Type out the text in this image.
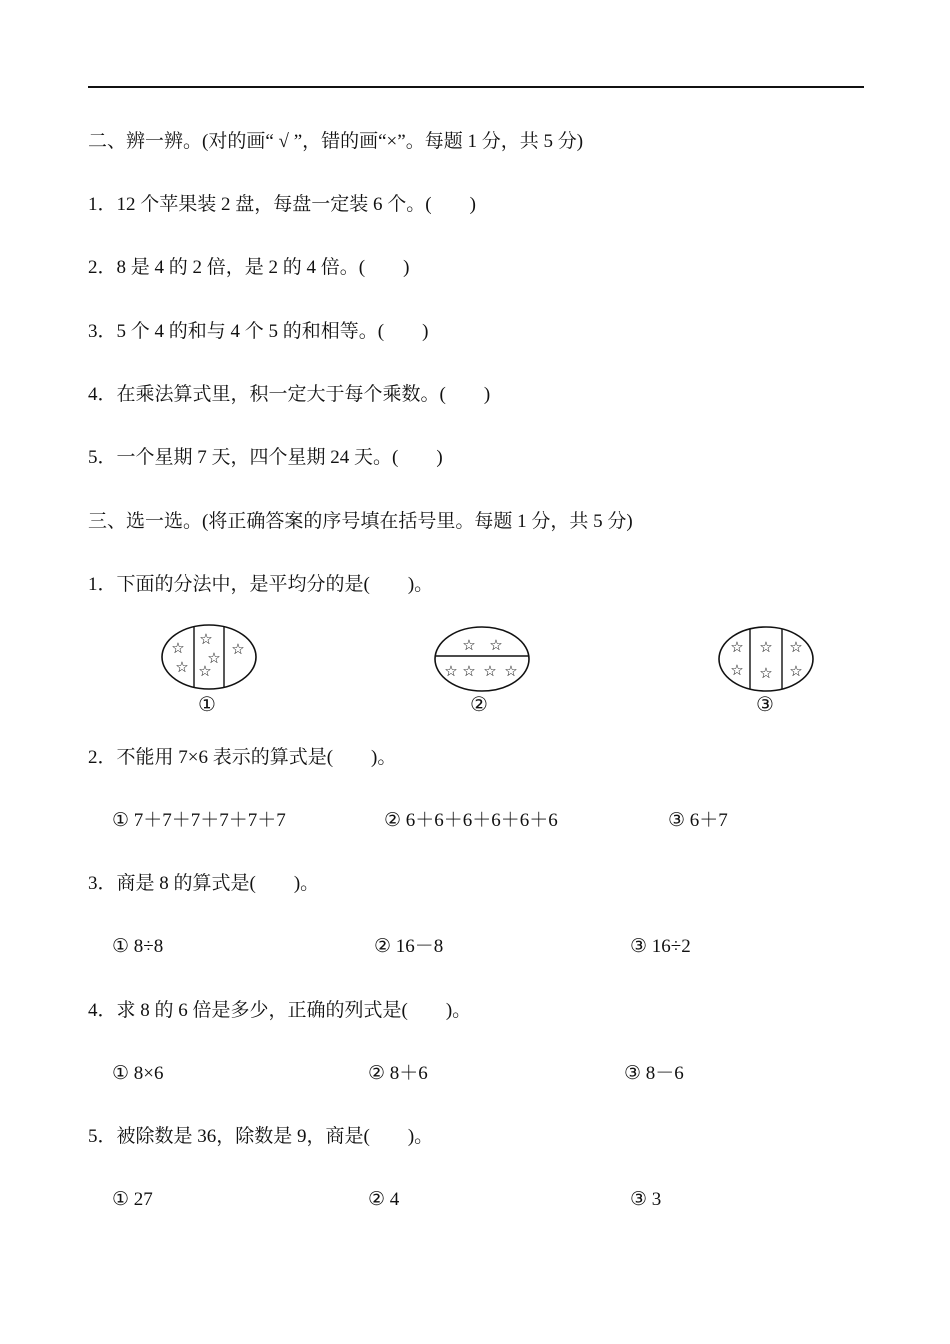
二、辨一辨。(对的画“ √ ”，错的画“×”。每题 1 分，共 5 分)
1．12 个苹果装 2 盘，每盘一定装 6 个。(　　)
2．8 是 4 的 2 倍，是 2 的 4 倍。(　　)
3．5 个 4 的和与 4 个 5 的和相等。(　　)
4．在乘法算式里，积一定大于每个乘数。(　　)
5．一个星期 7 天，四个星期 24 天。(　　)
三、选一选。(将正确答案的序号填在括号里。每题 1 分，共 5 分)
1．下面的分法中，是平均分的是(　　)。
☆
☆
☆
☆
☆
☆
①
☆ ☆
☆ ☆ ☆ ☆
②
☆
☆
☆
☆
☆
☆
③
2．不能用 7×6 表示的算式是(　　)。
① 7＋7＋7＋7＋7＋7	② 6＋6＋6＋6＋6＋6	③ 6＋7
3．商是 8 的算式是(　　)。
① 8÷8	② 16－8	③ 16÷2
4．求 8 的 6 倍是多少，正确的列式是(　　)。
① 8×6	② 8＋6	③ 8－6
5．被除数是 36，除数是 9，商是(　　)。
① 27	② 4	③ 3
